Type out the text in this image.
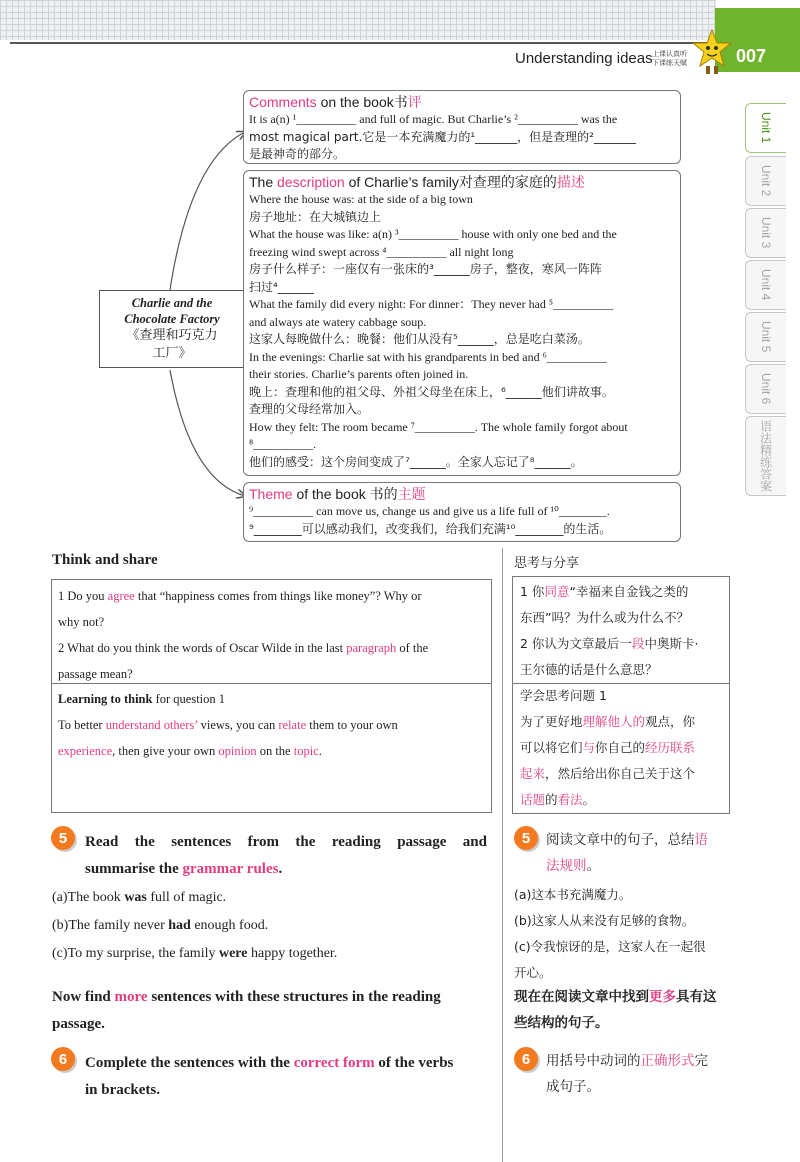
Understanding ideas 上课认真听
下课练天赋	007
Unit 1
Unit 2
Unit 3
Unit 4
Unit 5
Unit 6
语法精练答案
Charlie and the
Chocolate Factory
《查理和巧克力
工厂》
Comments on the book书评
It is a(n) ¹__________ and full of magic. But Charlie’s ²__________ was the
most magical part.它是一本充满魔力的¹_______，但是查理的²_______
是最神奇的部分。
The description of Charlie’s family对查理的家庭的描述
Where the house was: at the side of a big town
房子地址：在大城镇边上
What the house was like: a(n) ³__________ house with only one bed and the
freezing wind swept across ⁴__________ all night long
房子什么样子：一座仅有一张床的³______房子，整夜，寒风一阵阵
扫过⁴______
What the family did every night: For dinner：They never had ⁵__________
and always ate watery cabbage soup.
这家人每晚做什么：晚餐：他们从没有⁵______，总是吃白菜汤。
In the evenings: Charlie sat with his grandparents in bed and ⁶__________
their stories. Charlie’s parents often joined in.
晚上：查理和他的祖父母、外祖父母坐在床上，⁶______他们讲故事。
查理的父母经常加入。
How they felt: The room became ⁷__________. The whole family forgot about
⁸__________.
他们的感受：这个房间变成了⁷______。全家人忘记了⁸______。
Theme of the book 书的主题
⁹__________ can move us, change us and give us a life full of ¹⁰________.
⁹________可以感动我们，改变我们，给我们充满¹⁰________的生活。
Think and share
1 Do you agree that “happiness comes from things like money”? Why or
why not?
2 What do you think the words of Oscar Wilde in the last paragraph of the
passage mean?
Learning to think for question 1
To better understand others’ views, you can relate them to your own
experience, then give your own opinion on the topic.
思考与分享
1 你同意“幸福来自金钱之类的
东西”吗？为什么或为什么不？
2 你认为文章最后一段中奥斯卡·
王尔德的话是什么意思？
学会思考问题 1
为了更好地理解他人的观点，你
可以将它们与你自己的经历联系
起来，然后给出你自己关于这个
话题的看法。
5	Read the sentences from the reading passage and
summarise the grammar rules.
(a)The book was full of magic.
(b)The family never had enough food.
(c)To my surprise, the family were happy together.
Now find more sentences with these structures in the reading
passage.
6	Complete the sentences with the correct form of the verbs
in brackets.
5	阅读文章中的句子，总结语
法规则。
(a)这本书充满魔力。
(b)这家人从来没有足够的食物。
(c)令我惊讶的是，这家人在一起很
开心。
现在在阅读文章中找到更多具有这
些结构的句子。
6	用括号中动词的正确形式完
成句子。
